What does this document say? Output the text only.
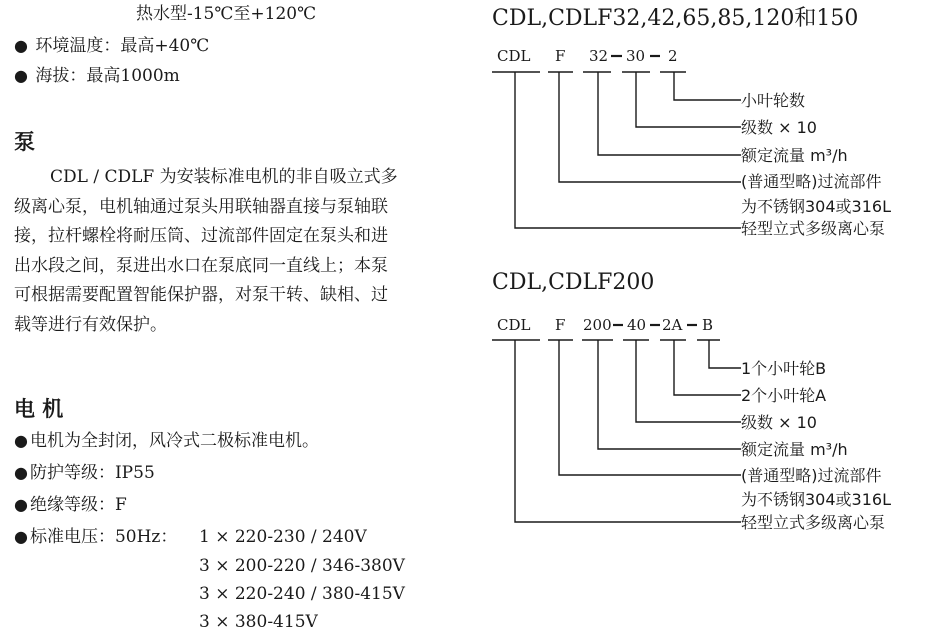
热水型-15℃至+120℃
● 环境温度：最高+40℃
● 海拔：最高1000m
泵

CDL / CDLF 为安装标准电机的非自吸立式多

级离心泵，电机轴通过泵头用联轴器直接与泵轴联

接，拉杆螺栓将耐压筒、过流部件固定在泵头和进

出水段之间，泵进出水口在泵底同一直线上；本泵

可根据需要配置智能保护器，对泵干转、缺相、过

载等进行有效保护。

电 机
● 电机为全封闭，风冷式二极标准电机。
● 防护等级：IP55
● 绝缘等级：F
● 标准电压：50Hz： 1 × 220-230 / 240V
3 × 200-220 / 346-380V
3 × 220-240 / 380-415V
3 × 380-415V
CDL,CDLF32,42,65,85,120和150
CDL F 32 30 2
小叶轮数
级数 × 10
额定流量 m³/h
(普通型略)过流部件
为不锈钢304或316L
轻型立式多级离心泵
CDL,CDLF200
CDL F 200 40 2A B
1个小叶轮B
2个小叶轮A
级数 × 10
额定流量 m³/h
(普通型略)过流部件
为不锈钢304或316L
轻型立式多级离心泵
